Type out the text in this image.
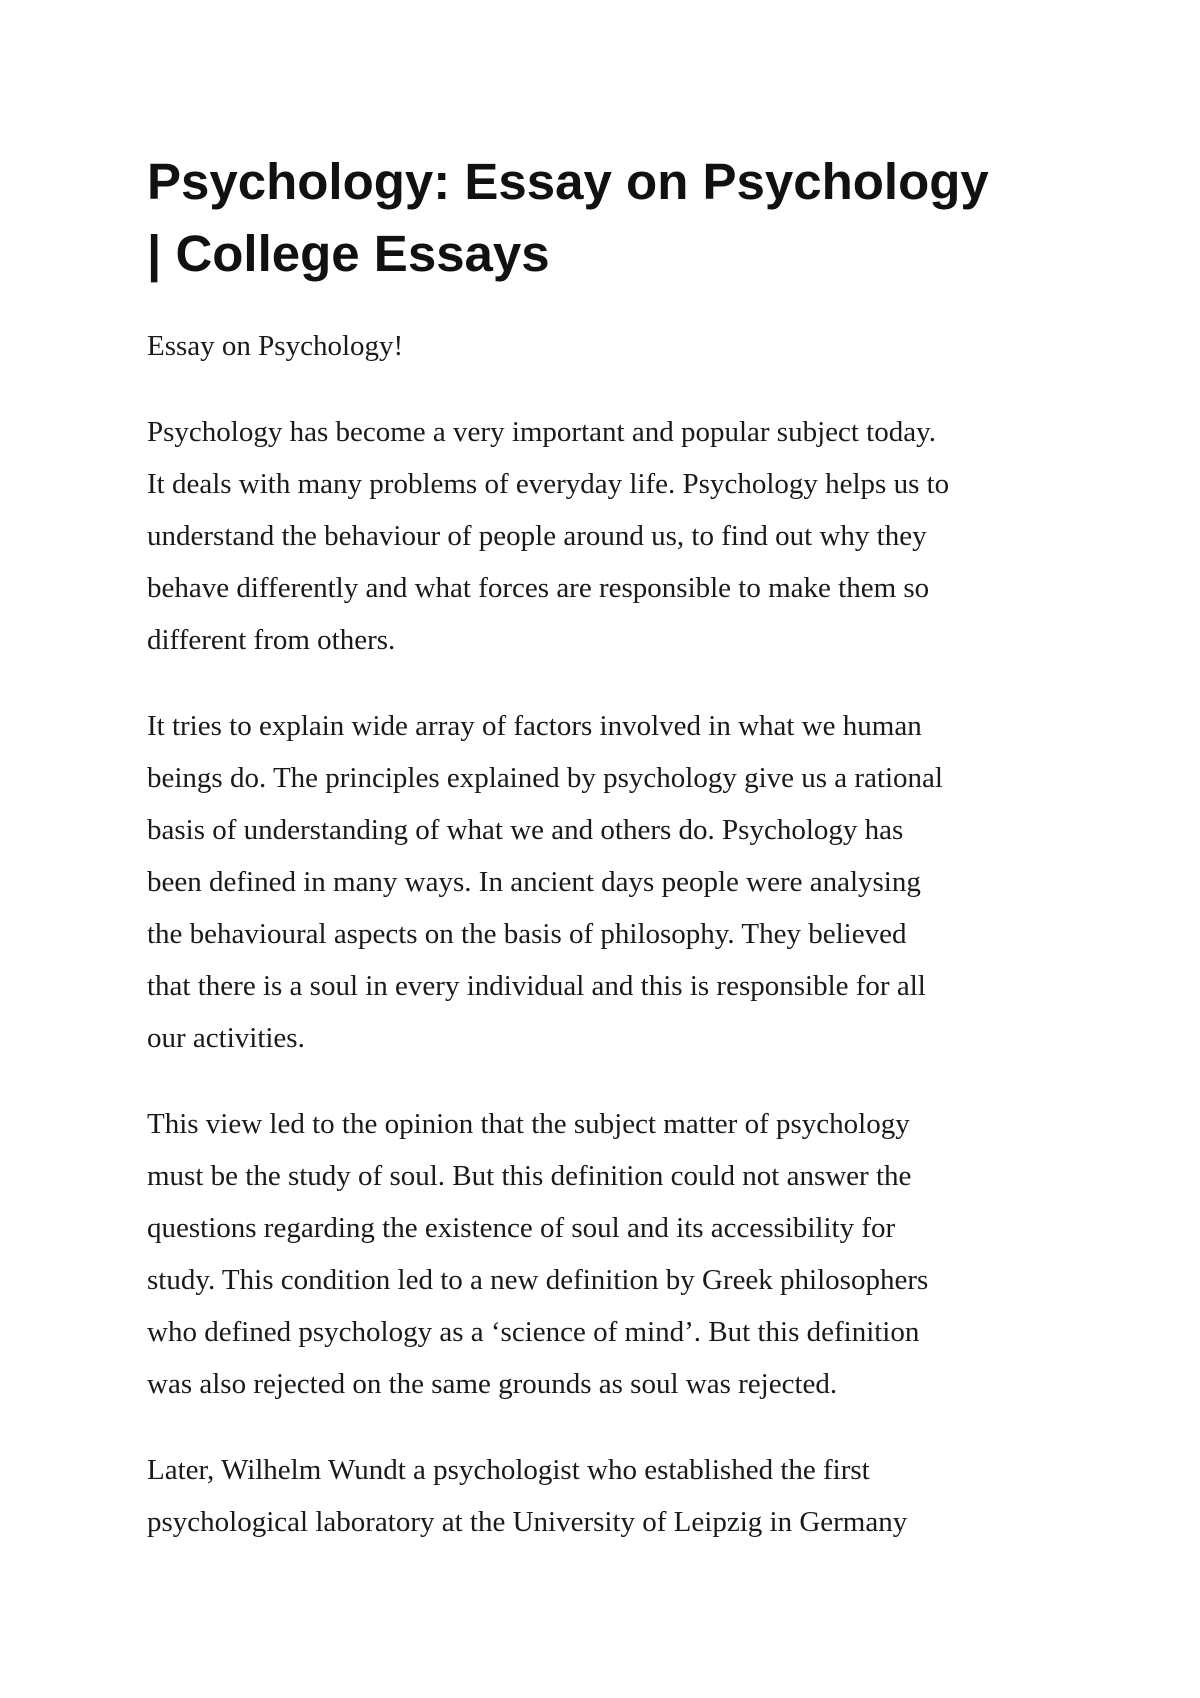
Psychology: Essay on Psychology
| College Essays

Essay on Psychology!

Psychology has become a very important and popular subject today.
It deals with many problems of everyday life. Psychology helps us to
understand the behaviour of people around us, to find out why they
behave differently and what forces are responsible to make them so
different from others.

It tries to explain wide array of factors involved in what we human
beings do. The principles explained by psychology give us a rational
basis of understanding of what we and others do. Psychology has
been defined in many ways. In ancient days people were analysing
the behavioural aspects on the basis of philosophy. They believed
that there is a soul in every individual and this is responsible for all
our activities.

This view led to the opinion that the subject matter of psychology
must be the study of soul. But this definition could not answer the
questions regarding the existence of soul and its accessibility for
study. This condition led to a new definition by Greek philosophers
who defined psychology as a ‘science of mind’. But this definition
was also rejected on the same grounds as soul was rejected.

Later, Wilhelm Wundt a psychologist who established the first
psychological laboratory at the University of Leipzig in Germany
